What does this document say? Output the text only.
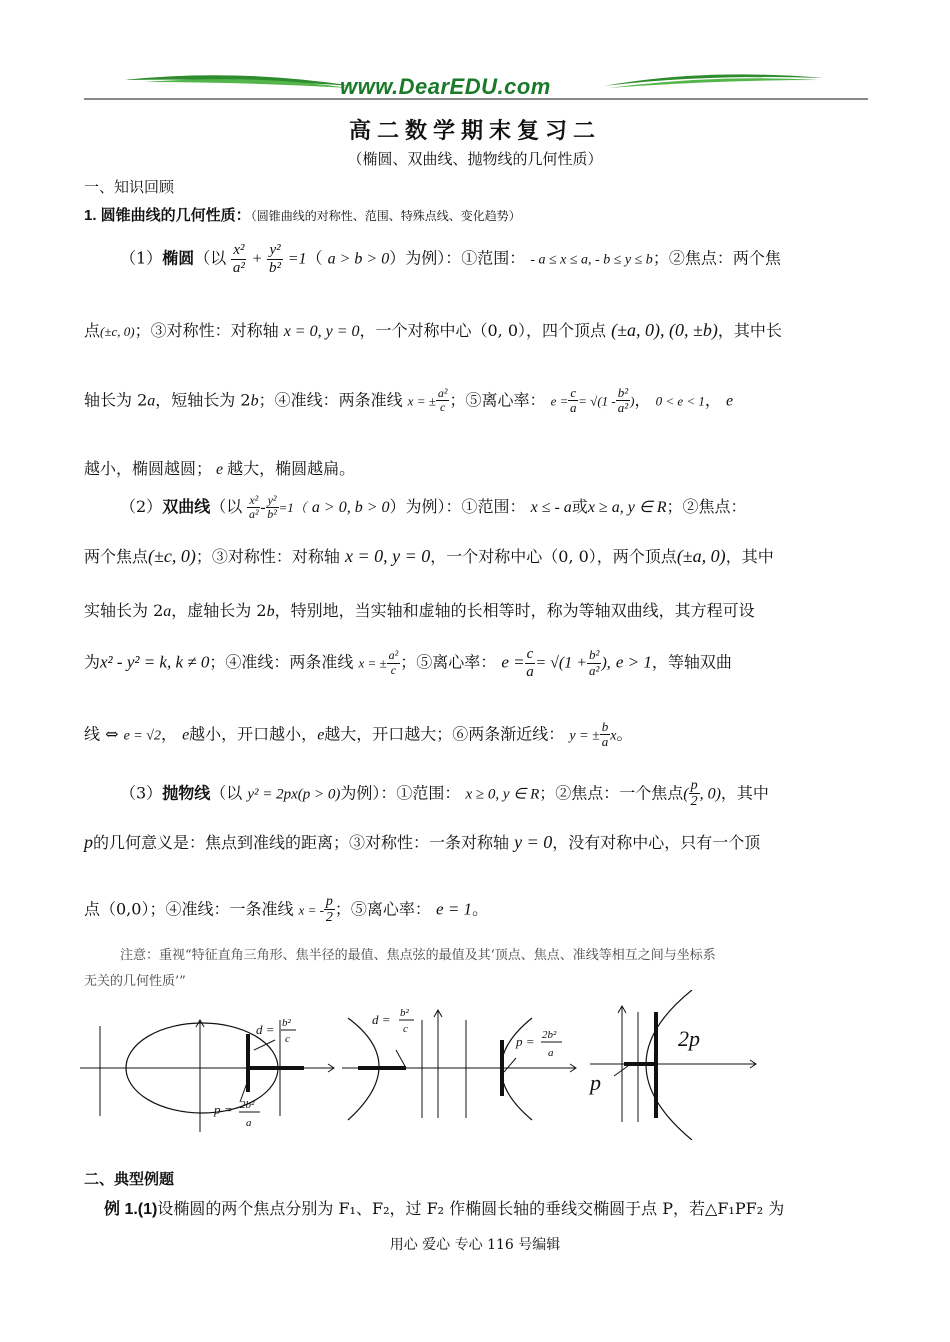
www.DearEDU.com
高二数学期末复习二
（椭圆、双曲线、抛物线的几何性质）
一、知识回顾
1. 圆锥曲线的几何性质：（圆锥曲线的对称性、范围、特殊点线、变化趋势）
（1）椭圆（以 $\frac{\text{x²}}{\text{a²}} + \frac{\text{y²}}{\text{b²}} =1$（ a > b > 0）为例）：①范围： - a ≤ x ≤ a, - b ≤ y ≤ b；②焦点：两个焦
点(±c, 0)；③对称性：对称轴 x = 0, y = 0，一个对称中心（0, 0），四个顶点 (±a, 0), (0, ±b)，其中长
轴长为 2a，短轴长为 2b；④准线：两条准线 x = ± $\frac{\text{a²}}{c}$ ；⑤离心率： $e = \frac{c}{a} = √(1 - \frac{\text{b²}}{\text{a²}}$ )， 0 < e < 1， e
越小，椭圆越圆； e 越大，椭圆越扁。
（2）双曲线（以 $\frac{\text{x²}}{\text{a²}} - \frac{\text{y²}}{\text{b²}} =1$（ a > 0, b > 0）为例）：①范围： x ≤ - a或x ≥ a, y ∈ R；②焦点：
两个焦点(±c, 0)；③对称性：对称轴 x = 0, y = 0，一个对称中心（0, 0），两个顶点(±a, 0)，其中
实轴长为 2a，虚轴长为 2b，特别地，当实轴和虚轴的长相等时，称为等轴双曲线，其方程可设
为x² - y² = k, k ≠ 0；④准线：两条准线 x = ± $\frac{\text{a²}}{c}$ ；⑤离心率： $e = \frac{c}{a} = √(1 + \frac{\text{b²}}{\text{a²}}$ ), e > 1，等轴双曲
线 ⇔ e = √2， e越小，开口越小，e越大，开口越大；⑥两条渐近线： y = ± $\frac{b}{a}$ x。
（3）抛物线（以 y² = 2px(p > 0)为例）：①范围： x ≥ 0, y ∈ R；②焦点：一个焦点( $\frac{p}{2}$ , 0)，其中
p的几何意义是：焦点到准线的距离；③对称性：一条对称轴 y = 0，没有对称中心，只有一个顶
点（0,0）；④准线：一条准线 x = - $\frac{p}{2}$ ；⑤离心率： e = 1。
注意：重视“特征直角三角形、焦半径的最值、焦点弦的最值及其‘顶点、焦点、准线等相互之间与坐标系
无关的几何性质’”
d = b²
c
p = 2b²
a
d = b²
c
p = 2b²
a
2p
p
二、典型例题
例 1.(1)设椭圆的两个焦点分别为 F₁、F₂，过 F₂ 作椭圆长轴的垂线交椭圆于点 P，若△F₁PF₂ 为
用心 爱心 专心 116 号编辑
